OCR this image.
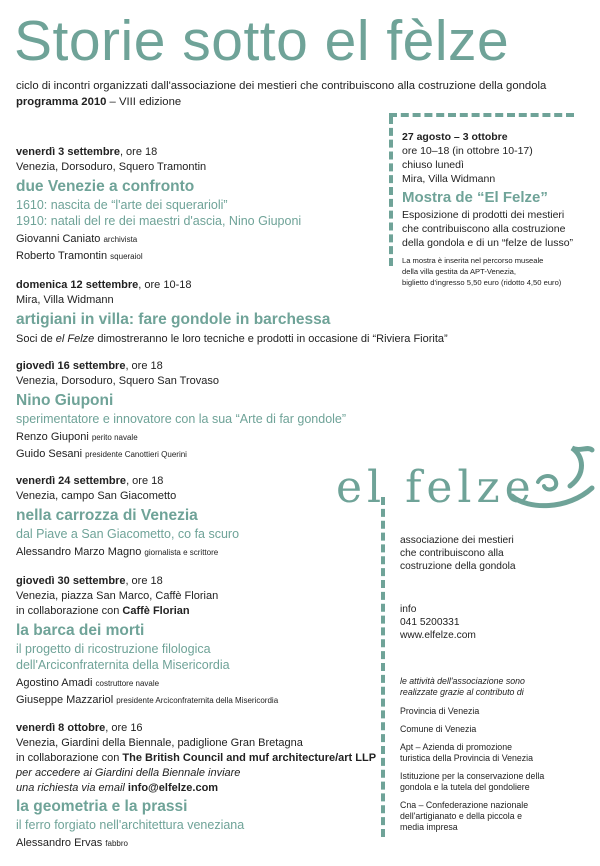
Storie sotto el fèlze
ciclo di incontri organizzati dall'associazione dei mestieri che contribuiscono alla costruzione della gondola
programma 2010 – VIII edizione
venerdì 3 settembre, ore 18
Venezia, Dorsoduro, Squero Tramontin
due Venezie a confronto
1610: nascita de “l'arte dei squerarioli”
1910: natali del re dei maestri d'ascia, Nino Giuponi
Giovanni Caniato archivista
Roberto Tramontin squeraiol
domenica 12 settembre, ore 10-18
Mira, Villa Widmann
artigiani in villa: fare gondole in barchessa
Soci de el Felze dimostreranno le loro tecniche e prodotti in occasione di “Riviera Fiorita”
giovedì 16 settembre, ore 18
Venezia, Dorsoduro, Squero San Trovaso
Nino Giuponi
sperimentatore e innovatore con la sua “Arte di far gondole”
Renzo Giuponi perito navale
Guido Sesani presidente Canottieri Querini
venerdì 24 settembre, ore 18
Venezia, campo San Giacometto
nella carrozza di Venezia
dal Piave a San Giacometto, co fa scuro
Alessandro Marzo Magno giornalista e scrittore
giovedì 30 settembre, ore 18
Venezia, piazza San Marco, Caffè Florian
in collaborazione con Caffè Florian
la barca dei morti
il progetto di ricostruzione filologica
dell'Arciconfraternita della Misericordia
Agostino Amadi costruttore navale
Giuseppe Mazzariol presidente Arciconfraternita della Misericordia
venerdì 8 ottobre, ore 16
Venezia, Giardini della Biennale, padiglione Gran Bretagna
in collaborazione con The British Council and muf architecture/art LLP
per accedere ai Giardini della Biennale inviare
una richiesta via email info@elfelze.com
la geometria e la prassi
il ferro forgiato nell'architettura veneziana
Alessandro Ervas fabbro
27 agosto – 3 ottobre
ore 10–18 (in ottobre 10-17)
chiuso lunedì
Mira, Villa Widmann
Mostra de “El Felze”
Esposizione di prodotti dei mestieri
che contribuiscono alla costruzione
della gondola e di un “felze de lusso”
La mostra è inserita nel percorso museale
della villa gestita da APT-Venezia,
biglietto d'ingresso 5,50 euro (ridotto 4,50 euro)
el felze
associazione dei mestieri
che contribuiscono alla
costruzione della gondola
info
041 5200331
www.elfelze.com
le attività dell'associazione sono
realizzate grazie al contributo di
Provincia di Venezia
Comune di Venezia
Apt – Azienda di promozione
turistica della Provincia di Venezia
Istituzione per la conservazione della
gondola e la tutela del gondoliere
Cna – Confederazione nazionale
dell'artigianato e della piccola e
media impresa
